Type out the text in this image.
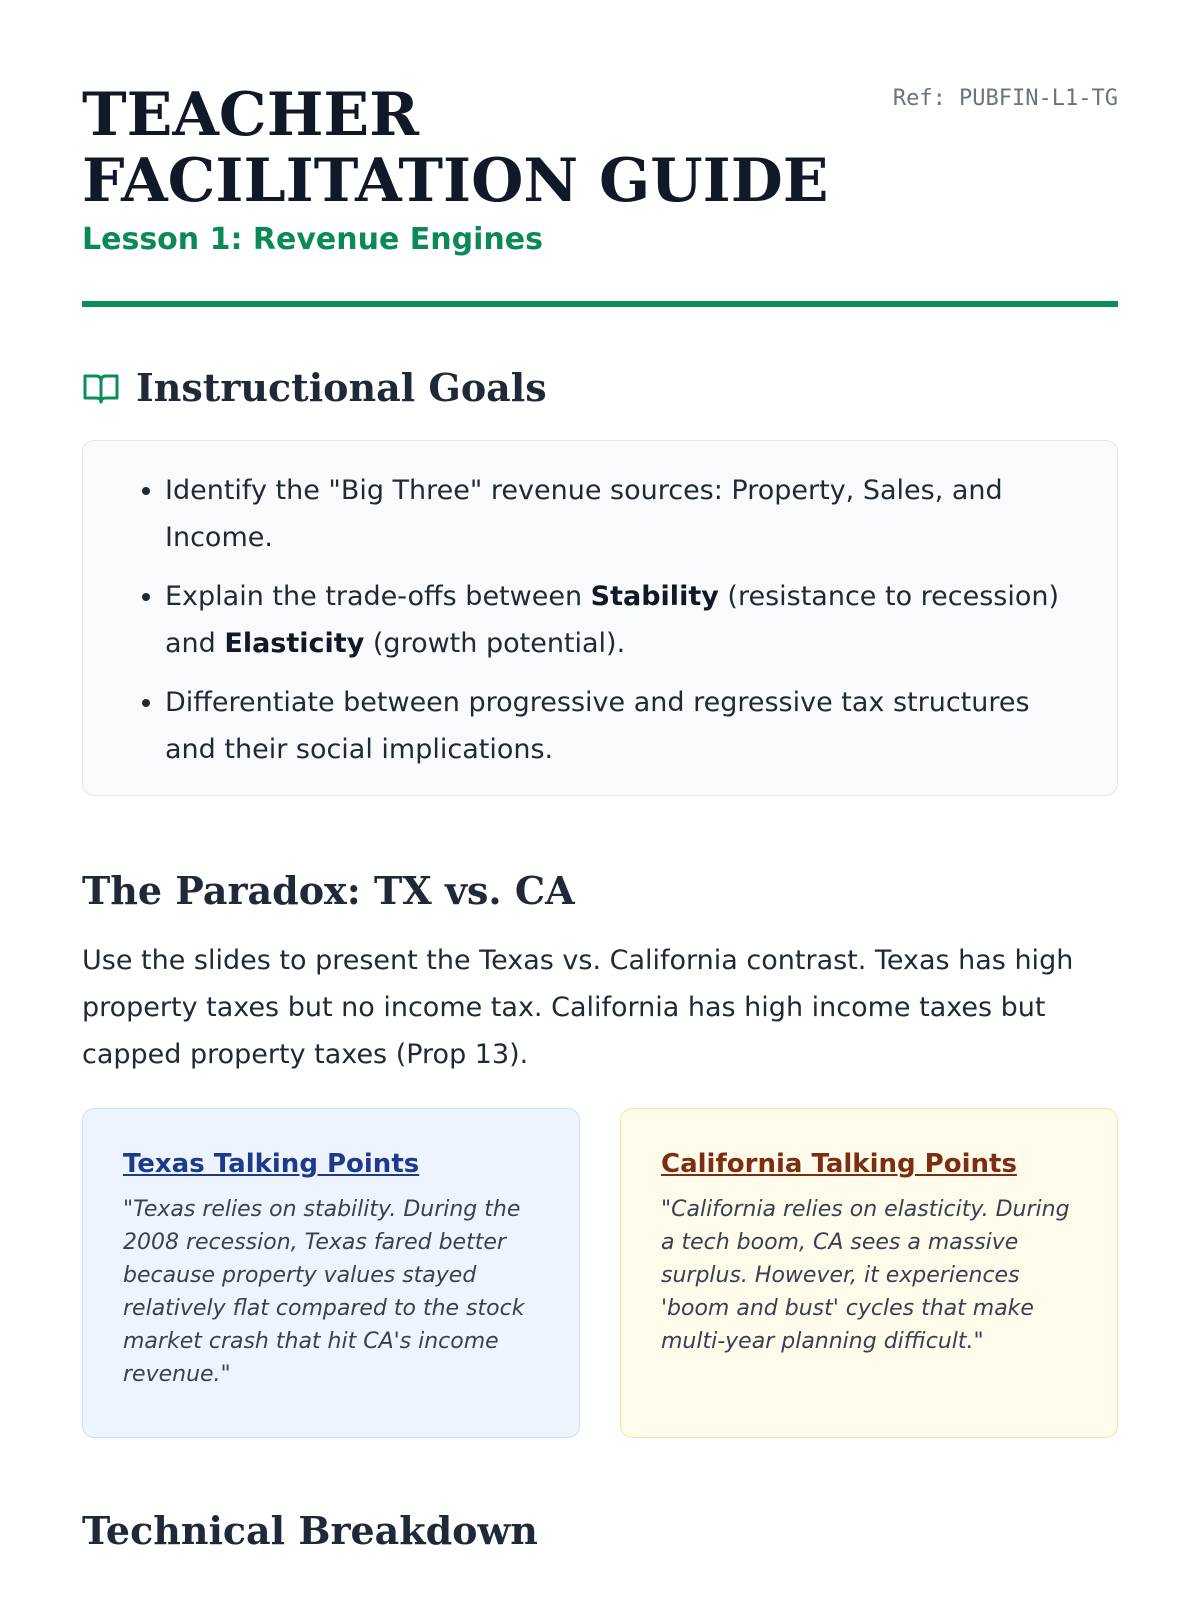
TEACHER FACILITATION GUIDE
Lesson 1: Revenue Engines
Ref: PUBFIN-L1-TG
Instructional Goals
• Identify the "Big Three" revenue sources: Property, Sales, and Income.
• Explain the trade-offs between Stability (resistance to recession) and Elasticity (growth potential).
• Differentiate between progressive and regressive tax structures and their social implications.
The Paradox: TX vs. CA

Use the slides to present the Texas vs. California contrast. Texas has high property taxes but no income tax. California has high income taxes but capped property taxes (Prop 13).

Texas Talking Points

"Texas relies on stability. During the 2008 recession, Texas fared better because property values stayed relatively flat compared to the stock market crash that hit CA's income revenue."

California Talking Points

"California relies on elasticity. During a tech boom, CA sees a massive surplus. However, it experiences 'boom and bust' cycles that make multi-year planning difficult."

Technical Breakdown
